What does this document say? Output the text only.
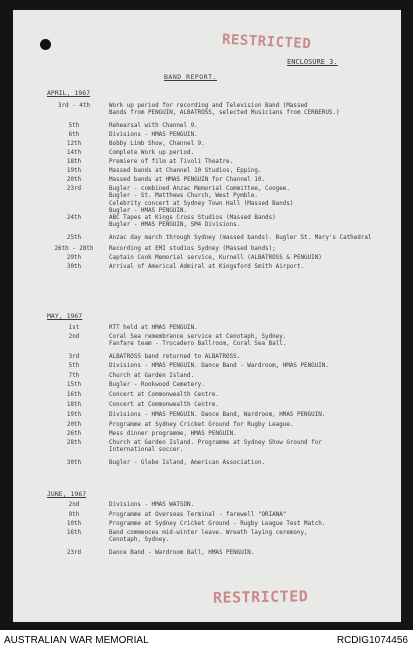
RESTRICTED
ENCLOSURE 3.
BAND REPORT.
APRIL, 1967
3rd - 4th	Work up period for recording and Television Band (Massed
Bands from PENGUIN, ALBATROSS, selected Musicians from CERBERUS.)
5th	Rehearsal with Channel 9.
6th	Divisions - HMAS PENGUIN.
12th	Bobby Limb Show, Channel 9.
14th	Complete Work up period.
18th	Premiere of film at Tivoli Theatre.
19th	Massed bands at Channel 10 Studios, Epping.
20th	Massed bands at HMAS PENGUIN for Channel 10.
23rd	Bugler - combined Anzac Memorial Committee, Coogee.
Bugler - St. Matthews Church, West Pymble.
Celebrity concert at Sydney Town Hall (Massed Bands)
Bugler - HMAS PENGUIN.
24th	ABC Tapes at Kings Cross Studios (Massed Bands)
Bugler - HMAS PENGUIN, SM4 Divisions.
25th	Anzac day march through Sydney (massed bands). Bugler St. Mary's Cathedral
26th - 28th	Recording at EMI studios Sydney (Massed bands);
29th	Captain Cook Memorial service, Kurnell (ALBATROSS & PENGUIN)
30th	Arrival of Americal Admiral at Kingsford Smith Airport.
MAY, 1967
1st	RTT held at HMAS PENGUIN.
2nd	Coral Sea remembrance service at Cenotaph, Sydney.
Fanfare team - Trocadero Ballroom, Coral Sea Ball.
3rd	ALBATROSS band returned to ALBATROSS.
5th	Divisions - HMAS PENGUIN. Dance Band - Wardroom, HMAS PENGUIN.
7th	Church at Garden Island.
15th	Bugler - Rookwood Cemetery.
16th	Concert at Commonwealth Centre.
18th	Concert at Commonwealth Centre.
19th	Divisions - HMAS PENGUIN. Dance Band, Wardroom, HMAS PENGUIN.
20th	Programme at Sydney Cricket Ground for Rugby League.
26th	Mess dinner programme, HMAS PENGUIN.
28th	Church at Garden Island. Programme at Sydney Show Ground for
International soccer.
30th	Bugler - Glebe Island, American Association.
JUNE, 1967
2nd	Divisions - HMAS WATSON.
9th	Programme at Overseas Terminal - farewell "ORIANA"
10th	Programme at Sydney Cricket Ground - Rugby League Test Match.
16th	Band commences mid-winter leave. Wreath laying ceremony,
Cenotaph, Sydney.
23rd	Dance Band - Wardroom Ball, HMAS PENGUIN.
RESTRICTED
AUSTRALIAN WAR MEMORIAL	RCDIG1074456
